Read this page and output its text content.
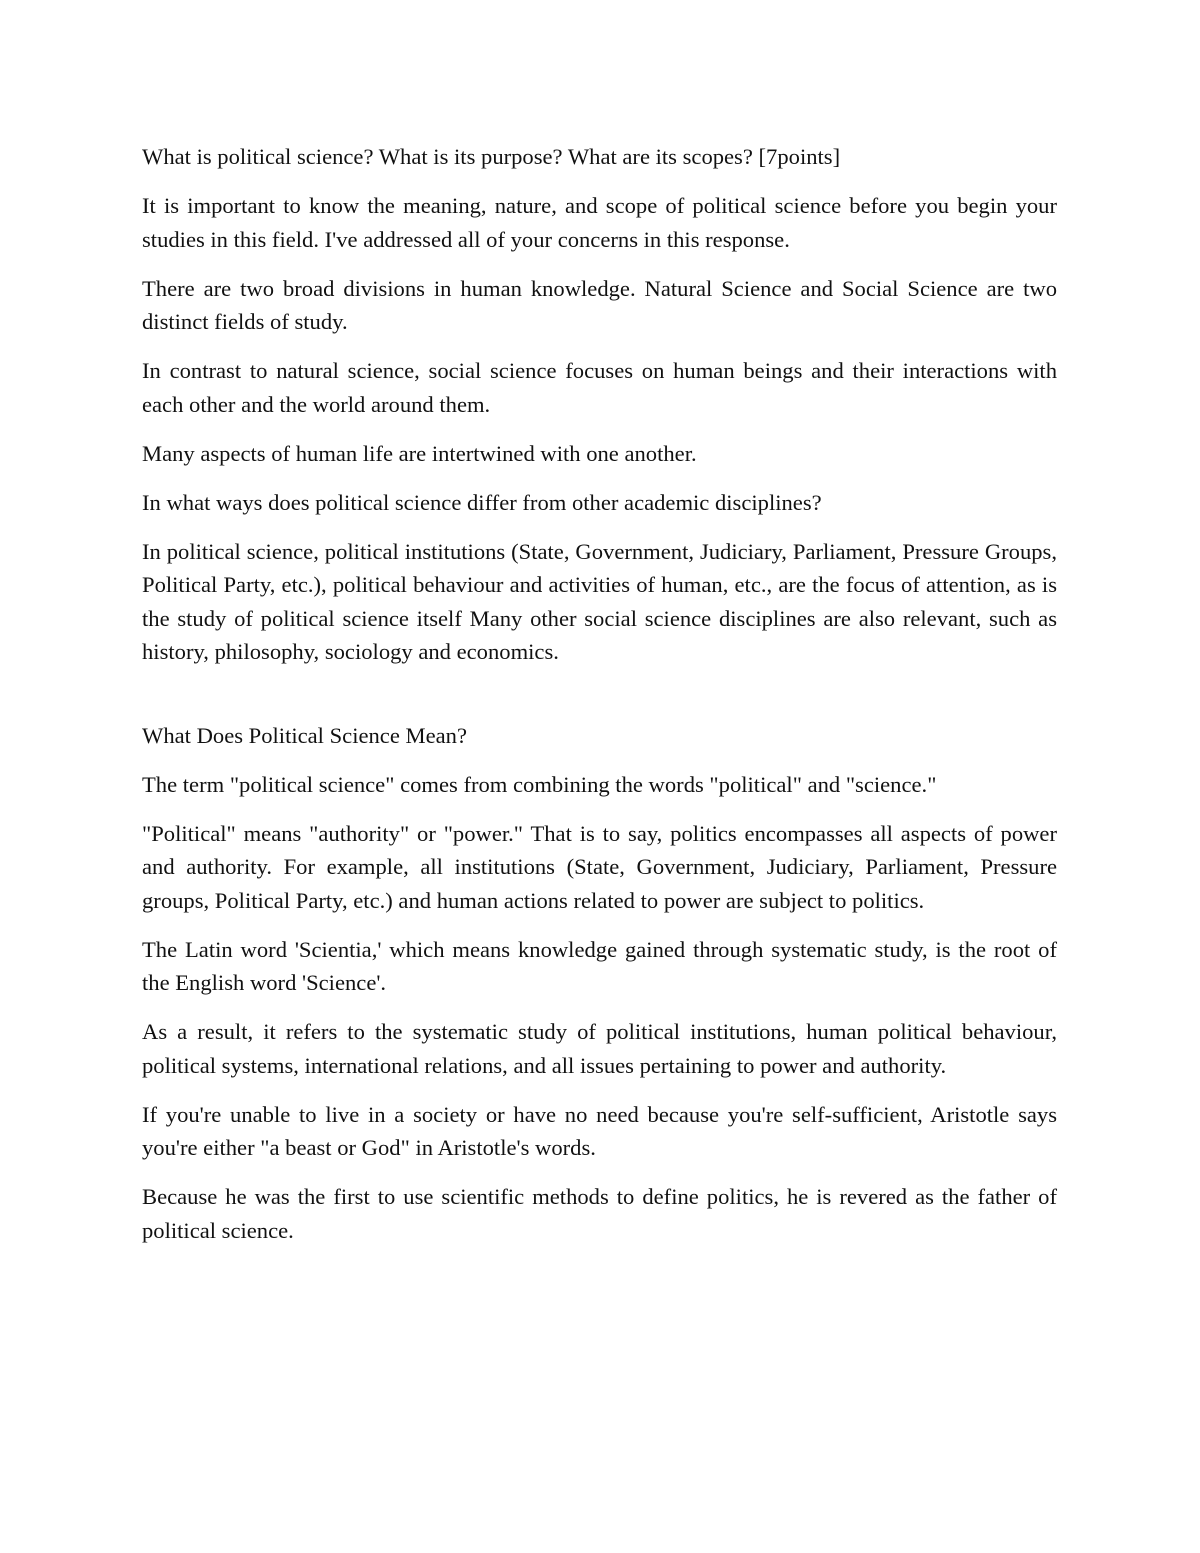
What is political science? What is its purpose? What are its scopes? [7points]

It is important to know the meaning, nature, and scope of political science before you begin your studies in this field. I've addressed all of your concerns in this response.

There are two broad divisions in human knowledge. Natural Science and Social Science are two distinct fields of study.

In contrast to natural science, social science focuses on human beings and their interactions with each other and the world around them.

Many aspects of human life are intertwined with one another.

In what ways does political science differ from other academic disciplines?

In political science, political institutions (State, Government, Judiciary, Parliament, Pressure Groups, Political Party, etc.), political behaviour and activities of human, etc., are the focus of attention, as is the study of political science itself Many other social science disciplines are also relevant, such as history, philosophy, sociology and economics.

What Does Political Science Mean?

The term "political science" comes from combining the words "political" and "science."

"Political" means "authority" or "power." That is to say, politics encompasses all aspects of power and authority. For example, all institutions (State, Government, Judiciary, Parliament, Pressure groups, Political Party, etc.) and human actions related to power are subject to politics.

The Latin word 'Scientia,' which means knowledge gained through systematic study, is the root of the English word 'Science'.

As a result, it refers to the systematic study of political institutions, human political behaviour, political systems, international relations, and all issues pertaining to power and authority.

If you're unable to live in a society or have no need because you're self-sufficient, Aristotle says you're either "a beast or God" in Aristotle's words.

Because he was the first to use scientific methods to define politics, he is revered as the father of political science.
